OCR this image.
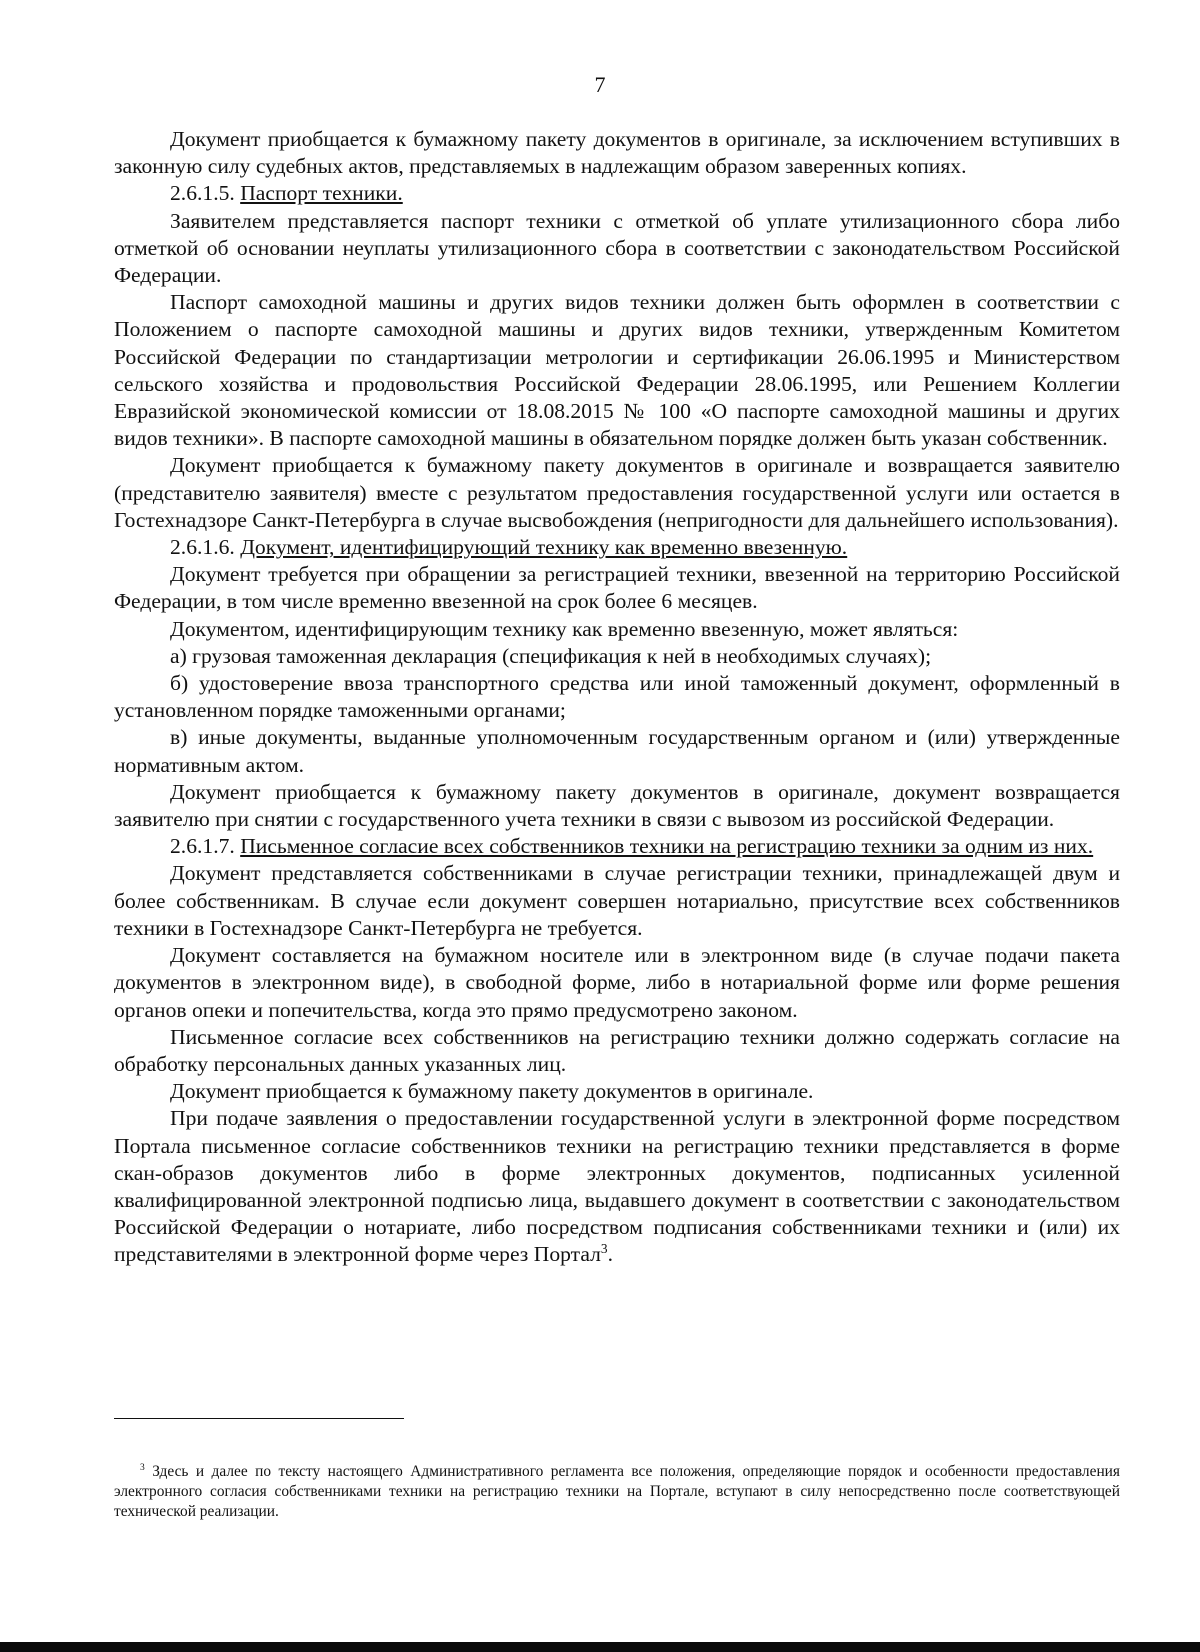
7

Документ приобщается к бумажному пакету документов в оригинале, за исключением вступивших в законную силу судебных актов, представляемых в надлежащим образом заверенных копиях.

2.6.1.5. Паспорт техники.

Заявителем представляется паспорт техники с отметкой об уплате утилизационного сбора либо отметкой об основании неуплаты утилизационного сбора в соответствии с законодательством Российской Федерации.

Паспорт самоходной машины и других видов техники должен быть оформлен в соответствии с Положением о паспорте самоходной машины и других видов техники, утвержденным Комитетом Российской Федерации по стандартизации метрологии и сертификации 26.06.1995 и Министерством сельского хозяйства и продовольствия Российской Федерации 28.06.1995, или Решением Коллегии Евразийской экономической комиссии от 18.08.2015 № 100 «О паспорте самоходной машины и других видов техники». В паспорте самоходной машины в обязательном порядке должен быть указан собственник.

Документ приобщается к бумажному пакету документов в оригинале и возвращается заявителю (представителю заявителя) вместе с результатом предоставления государственной услуги или остается в Гостехнадзоре Санкт-Петербурга в случае высвобождения (непригодности для дальнейшего использования).

2.6.1.6. Документ, идентифицирующий технику как временно ввезенную.

Документ требуется при обращении за регистрацией техники, ввезенной на территорию Российской Федерации, в том числе временно ввезенной на срок более 6 месяцев.

Документом, идентифицирующим технику как временно ввезенную, может являться:

а) грузовая таможенная декларация (спецификация к ней в необходимых случаях);

б) удостоверение ввоза транспортного средства или иной таможенный документ, оформленный в установленном порядке таможенными органами;

в) иные документы, выданные уполномоченным государственным органом и (или) утвержденные нормативным актом.

Документ приобщается к бумажному пакету документов в оригинале, документ возвращается заявителю при снятии с государственного учета техники в связи с вывозом из российской Федерации.

2.6.1.7. Письменное согласие всех собственников техники на регистрацию техники за одним из них.

Документ представляется собственниками в случае регистрации техники, принадлежащей двум и более собственникам. В случае если документ совершен нотариально, присутствие всех собственников техники в Гостехнадзоре Санкт-Петербурга не требуется.

Документ составляется на бумажном носителе или в электронном виде (в случае подачи пакета документов в электронном виде), в свободной форме, либо в нотариальной форме или форме решения органов опеки и попечительства, когда это прямо предусмотрено законом.

Письменное согласие всех собственников на регистрацию техники должно содержать согласие на обработку персональных данных указанных лиц.

Документ приобщается к бумажному пакету документов в оригинале.

При подаче заявления о предоставлении государственной услуги в электронной форме посредством Портала письменное согласие собственников техники на регистрацию техники представляется в форме скан-образов документов либо в форме электронных документов, подписанных усиленной квалифицированной электронной подписью лица, выдавшего документ в соответствии с законодательством Российской Федерации о нотариате, либо посредством подписания собственниками техники и (или) их представителями в электронной форме через Портал$^3$.

$^3$ Здесь и далее по тексту настоящего Административного регламента все положения, определяющие порядок и особенности предоставления электронного согласия собственниками техники на регистрацию техники на Портале, вступают в силу непосредственно после соответствующей технической реализации.
